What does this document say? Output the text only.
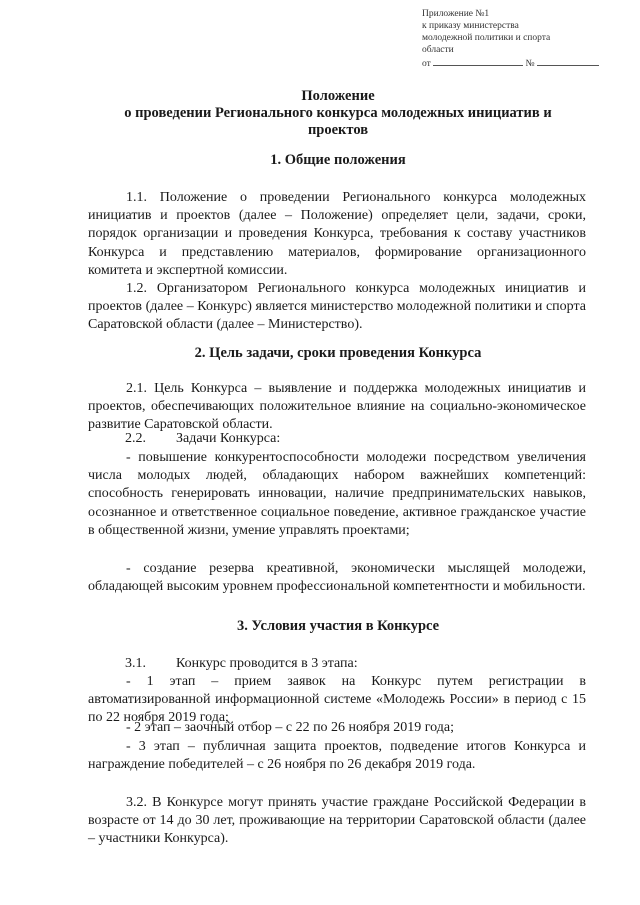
Приложение №1
к приказу министерства
молодежной политики и спорта
области
от	№
Положение
о проведении Регионального конкурса молодежных инициатив и
проектов
1. Общие положения
1.1. Положение о проведении Регионального конкурса молодежных инициатив и проектов (далее – Положение) определяет цели, задачи, сроки, порядок организации и проведения Конкурса, требования к составу участников Конкурса и представлению материалов, формирование организационного комитета и экспертной комиссии.
1.2. Организатором Регионального конкурса молодежных инициатив и проектов (далее – Конкурс) является министерство молодежной политики и спорта Саратовской области (далее – Министерство).
2. Цель задачи, сроки проведения Конкурса
2.1. Цель Конкурса – выявление и поддержка молодежных инициатив и проектов, обеспечивающих положительное влияние на социально-экономическое развитие Саратовской области.
2.2. Задачи Конкурса:
- повышение конкурентоспособности молодежи посредством увеличения числа молодых людей, обладающих набором важнейших компетенций: способность генерировать инновации, наличие предпринимательских навыков, осознанное и ответственное социальное поведение, активное гражданское участие в общественной жизни, умение управлять проектами;
- создание резерва креативной, экономически мыслящей молодежи, обладающей высоким уровнем профессиональной компетентности и мобильности.
3. Условия участия в Конкурсе
3.1. Конкурс проводится в 3 этапа:
- 1 этап – прием заявок на Конкурс путем регистрации в автоматизированной информационной системе «Молодежь России» в период с 15 по 22 ноября 2019 года;
- 2 этап – заочный отбор – с 22 по 26 ноября 2019 года;
- 3 этап – публичная защита проектов, подведение итогов Конкурса и награждение победителей – с 26 ноября по 26 декабря 2019 года.
3.2. В Конкурсе могут принять участие граждане Российской Федерации в возрасте от 14 до 30 лет, проживающие на территории Саратовской области (далее – участники Конкурса).
